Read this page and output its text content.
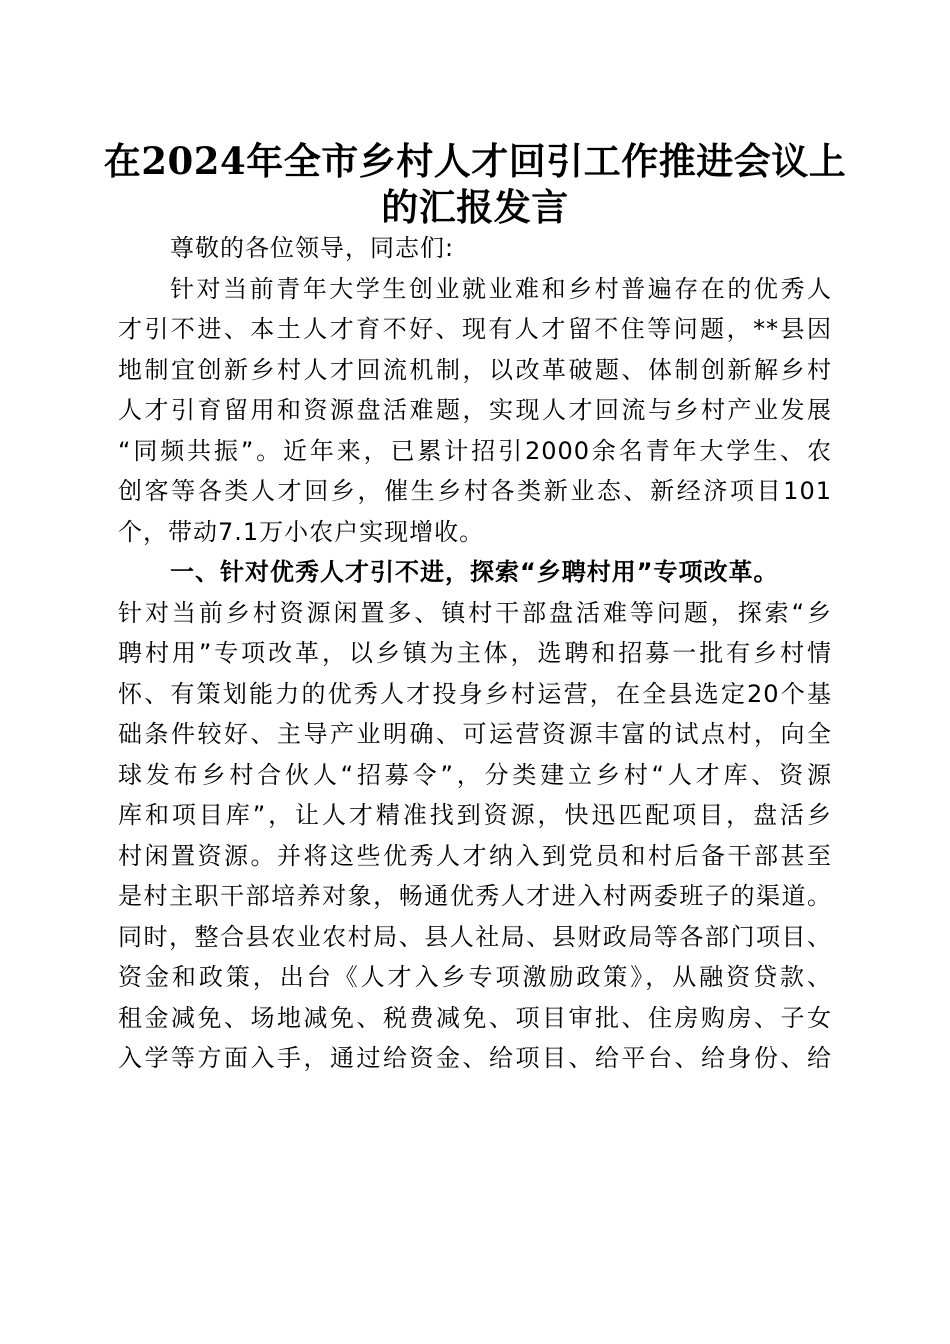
在2024年全市乡村人才回引工作推进会议上
的汇报发言
尊敬的各位领导，同志们:
针对当前青年大学生创业就业难和乡村普遍存在的优秀人
才引不进、本土人才育不好、现有人才留不住等问题，**县因
地制宜创新乡村人才回流机制，以改革破题、体制创新解乡村
人才引育留用和资源盘活难题，实现人才回流与乡村产业发展
“同频共振”。近年来，已累计招引2000余名青年大学生、农
创客等各类人才回乡，催生乡村各类新业态、新经济项目101
个，带动7.1万小农户实现增收。
一、针对优秀人才引不进，探索“乡聘村用”专项改革。
针对当前乡村资源闲置多、镇村干部盘活难等问题，探索“乡
聘村用”专项改革，以乡镇为主体，选聘和招募一批有乡村情
怀、有策划能力的优秀人才投身乡村运营，在全县选定20个基
础条件较好、主导产业明确、可运营资源丰富的试点村，向全
球发布乡村合伙人“招募令”，分类建立乡村“人才库、资源
库和项目库”，让人才精准找到资源，快迅匹配项目，盘活乡
村闲置资源。并将这些优秀人才纳入到党员和村后备干部甚至
是村主职干部培养对象，畅通优秀人才进入村两委班子的渠道。
同时，整合县农业农村局、县人社局、县财政局等各部门项目、
资金和政策，出台《人才入乡专项激励政策》，从融资贷款、
租金减免、场地减免、税费减免、项目审批、住房购房、子女
入学等方面入手，通过给资金、给项目、给平台、给身份、给
